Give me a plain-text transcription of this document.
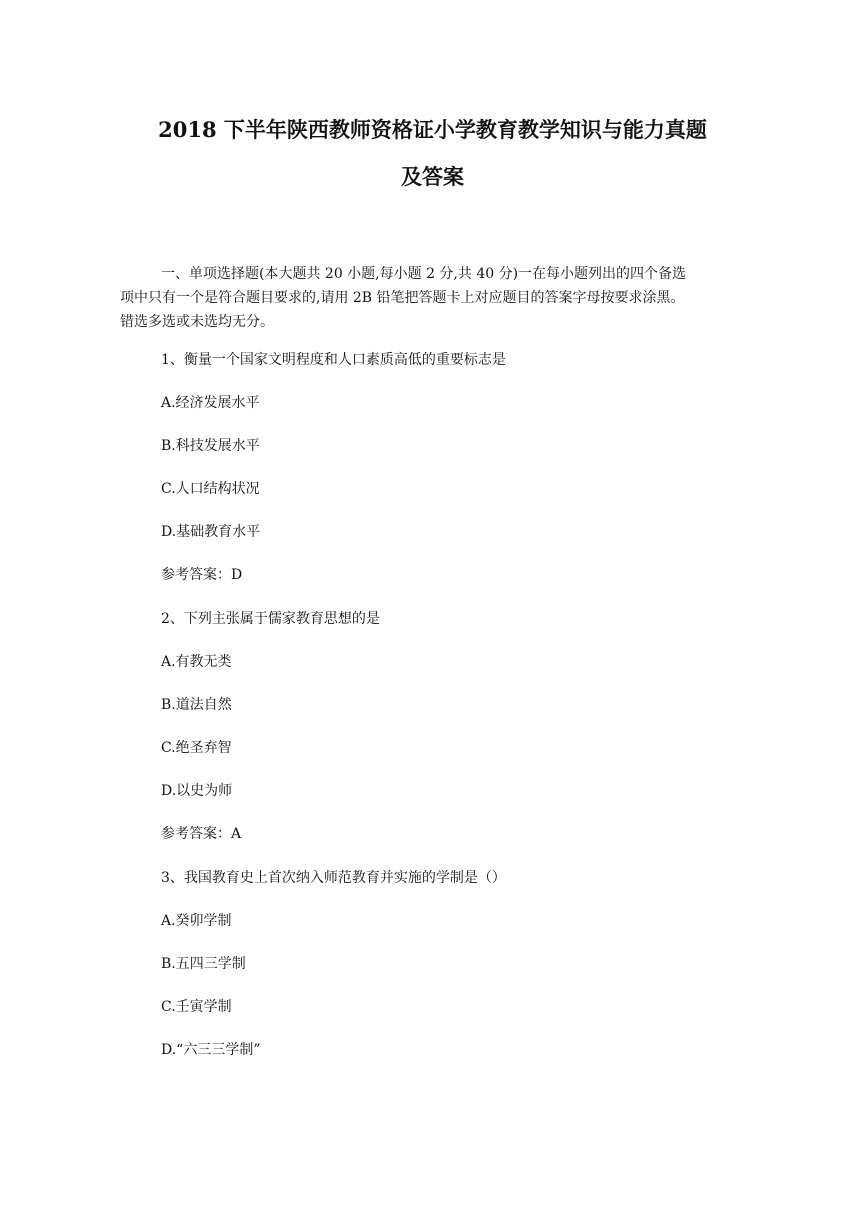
2018 下半年陕西教师资格证小学教育教学知识与能力真题
及答案
一、单项选择题(本大题共 20 小题,每小题 2 分,共 40 分)一在每小题列出的四个备选
项中只有一个是符合题目要求的,请用 2B 铅笔把答题卡上对应题目的答案字母按要求涂黑。
错选多选或未选均无分。
1、衡量一个国家文明程度和人口素质高低的重要标志是
A.经济发展水平
B.科技发展水平
C.人口结构状况
D.基础教育水平
参考答案：D
2、下列主张属于儒家教育思想的是
A.有教无类
B.道法自然
C.绝圣弃智
D.以史为师
参考答案：A
3、我国教育史上首次纳入师范教育并实施的学制是（）
A.癸卯学制
B.五四三学制
C.壬寅学制
D.“六三三学制”
